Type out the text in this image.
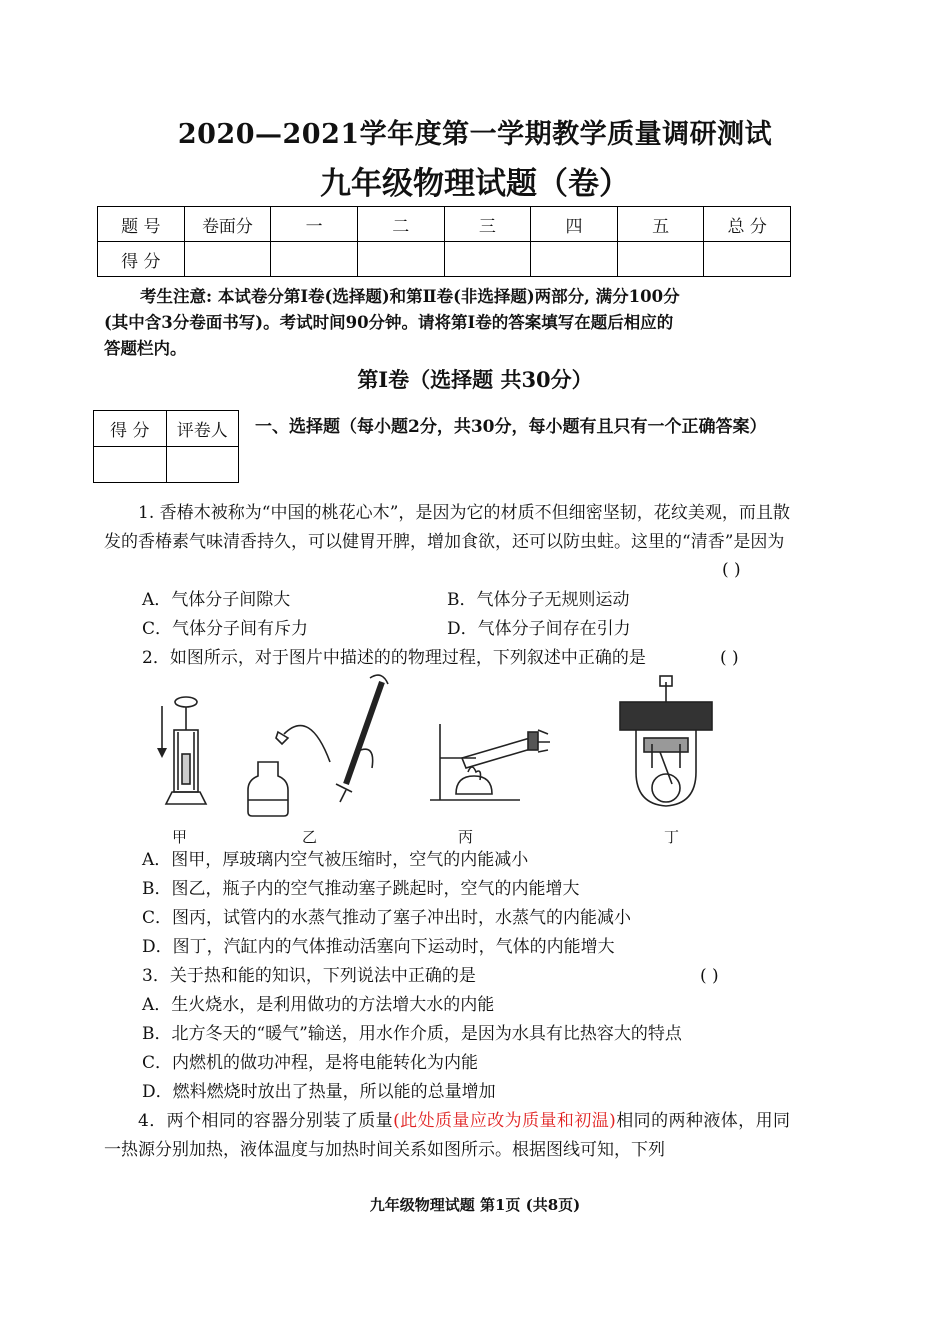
2020—2021学年度第一学期教学质量调研测试
九年级物理试题（卷）
题 号	卷面分	一	二	三	四	五	总 分
得 分							
考生注意: 本试卷分第Ⅰ卷(选择题)和第Ⅱ卷(非选择题)两部分, 满分100分
(其中含3分卷面书写)。考试时间90分钟。请将第Ⅰ卷的答案填写在题后相应的
答题栏内。
第Ⅰ卷（选择题 共30分）
得 分	评卷人
	一、选择题（每小题2分，共30分，每小题有且只有一个正确答案）
1. 香椿木被称为“中国的桃花心木”，是因为它的材质不但细密坚韧，花纹美观，而且散发的香椿素气味清香持久，可以健胃开脾，增加食欲，还可以防虫蛀。这里的“清香”是因为
( )
A．气体分子间隙大	B．气体分子无规则运动
C．气体分子间有斥力	D．气体分子间存在引力
2．如图所示，对于图片中描述的的物理过程，下列叙述中正确的是	( )
甲	乙	丙	丁
A．图甲，厚玻璃内空气被压缩时，空气的内能减小
B．图乙，瓶子内的空气推动塞子跳起时，空气的内能增大
C．图丙，试管内的水蒸气推动了塞子冲出时，水蒸气的内能减小
D．图丁，汽缸内的气体推动活塞向下运动时，气体的内能增大
3．关于热和能的知识，下列说法中正确的是	( )
A．生火烧水，是利用做功的方法增大水的内能
B．北方冬天的“暖气”输送，用水作介质，是因为水具有比热容大的特点
C．内燃机的做功冲程，是将电能转化为内能
D．燃料燃烧时放出了热量，所以能的总量增加
4．两个相同的容器分别装了质量(此处质量应改为质量和初温)相同的两种液体，用同一热源分别加热，液体温度与加热时间关系如图所示。根据图线可知，下列
九年级物理试题 第1页 (共8页)
